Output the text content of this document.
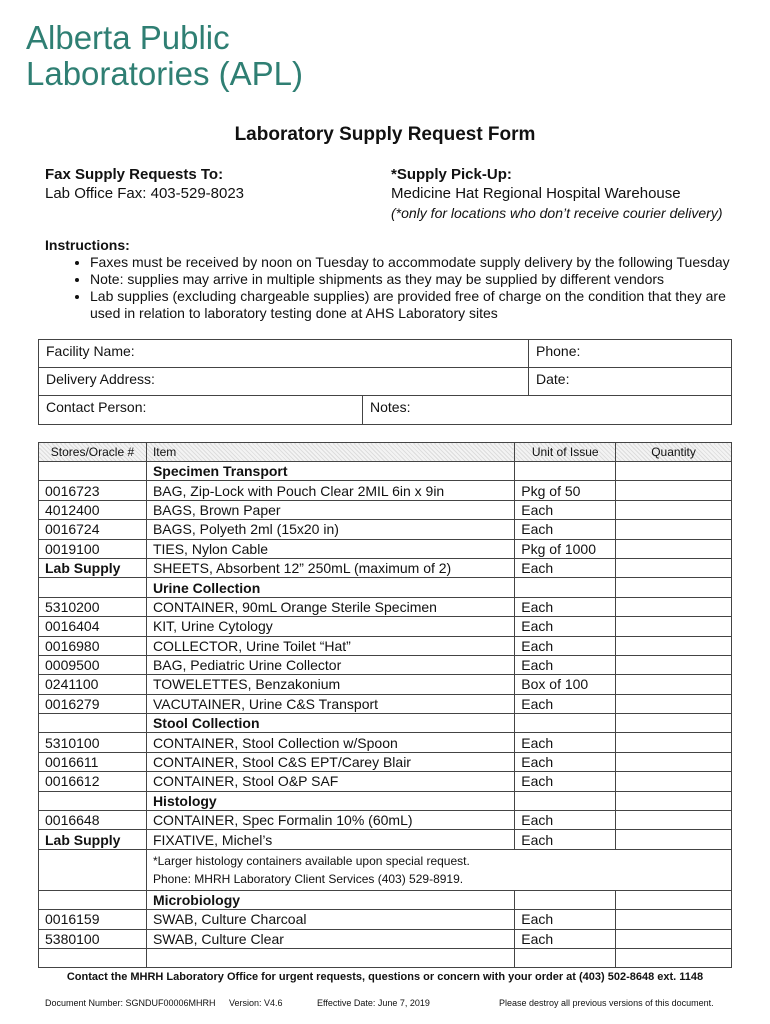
Alberta Public
Laboratories (APL)
Laboratory Supply Request Form
Fax Supply Requests To:
Lab Office Fax: 403-529-8023
*Supply Pick-Up:
Medicine Hat Regional Hospital Warehouse
(*only for locations who don’t receive courier delivery)
Instructions:
• Faxes must be received by noon on Tuesday to accommodate supply delivery by the following Tuesday
• Note: supplies may arrive in multiple shipments as they may be supplied by different vendors
• Lab supplies (excluding chargeable supplies) are provided free of charge on the condition that they are used in relation to laboratory testing done at AHS Laboratory sites
Facility Name:		Phone:
Delivery Address:		Date:
Contact Person:	Notes:	
Stores/Oracle #	Item	Unit of Issue	Quantity
	Specimen Transport		
0016723	BAG, Zip-Lock with Pouch Clear 2MIL 6in x 9in	Pkg of 50	
4012400	BAGS, Brown Paper	Each	
0016724	BAGS, Polyeth 2ml (15x20 in)	Each	
0019100	TIES, Nylon Cable	Pkg of 1000	
Lab Supply	SHEETS, Absorbent 12” 250mL (maximum of 2)	Each	
	Urine Collection		
5310200	CONTAINER, 90mL Orange Sterile Specimen	Each	
0016404	KIT, Urine Cytology	Each	
0016980	COLLECTOR, Urine Toilet “Hat”	Each	
0009500	BAG, Pediatric Urine Collector	Each	
0241100	TOWELETTES, Benzakonium	Box of 100	
0016279	VACUTAINER, Urine C&S Transport	Each	
	Stool Collection		
5310100	CONTAINER, Stool Collection w/Spoon	Each	
0016611	CONTAINER, Stool C&S EPT/Carey Blair	Each	
0016612	CONTAINER, Stool O&P SAF	Each	
	Histology		
0016648	CONTAINER, Spec Formalin 10% (60mL)	Each	
Lab Supply	FIXATIVE, Michel’s	Each	

	*Larger histology containers available upon special request.
Phone: MHRH Laboratory Client Services (403) 529-8919.		

	Microbiology		
0016159	SWAB, Culture Charcoal	Each	
5380100	SWAB, Culture Clear	Each	

Contact the MHRH Laboratory Office for urgent requests, questions or concern with your order at (403) 502-8648 ext. 1148
Document Number: SGNDUF00006MHRH Version: V4.6	Effective Date: June 7, 2019	Please destroy all previous versions of this document.
